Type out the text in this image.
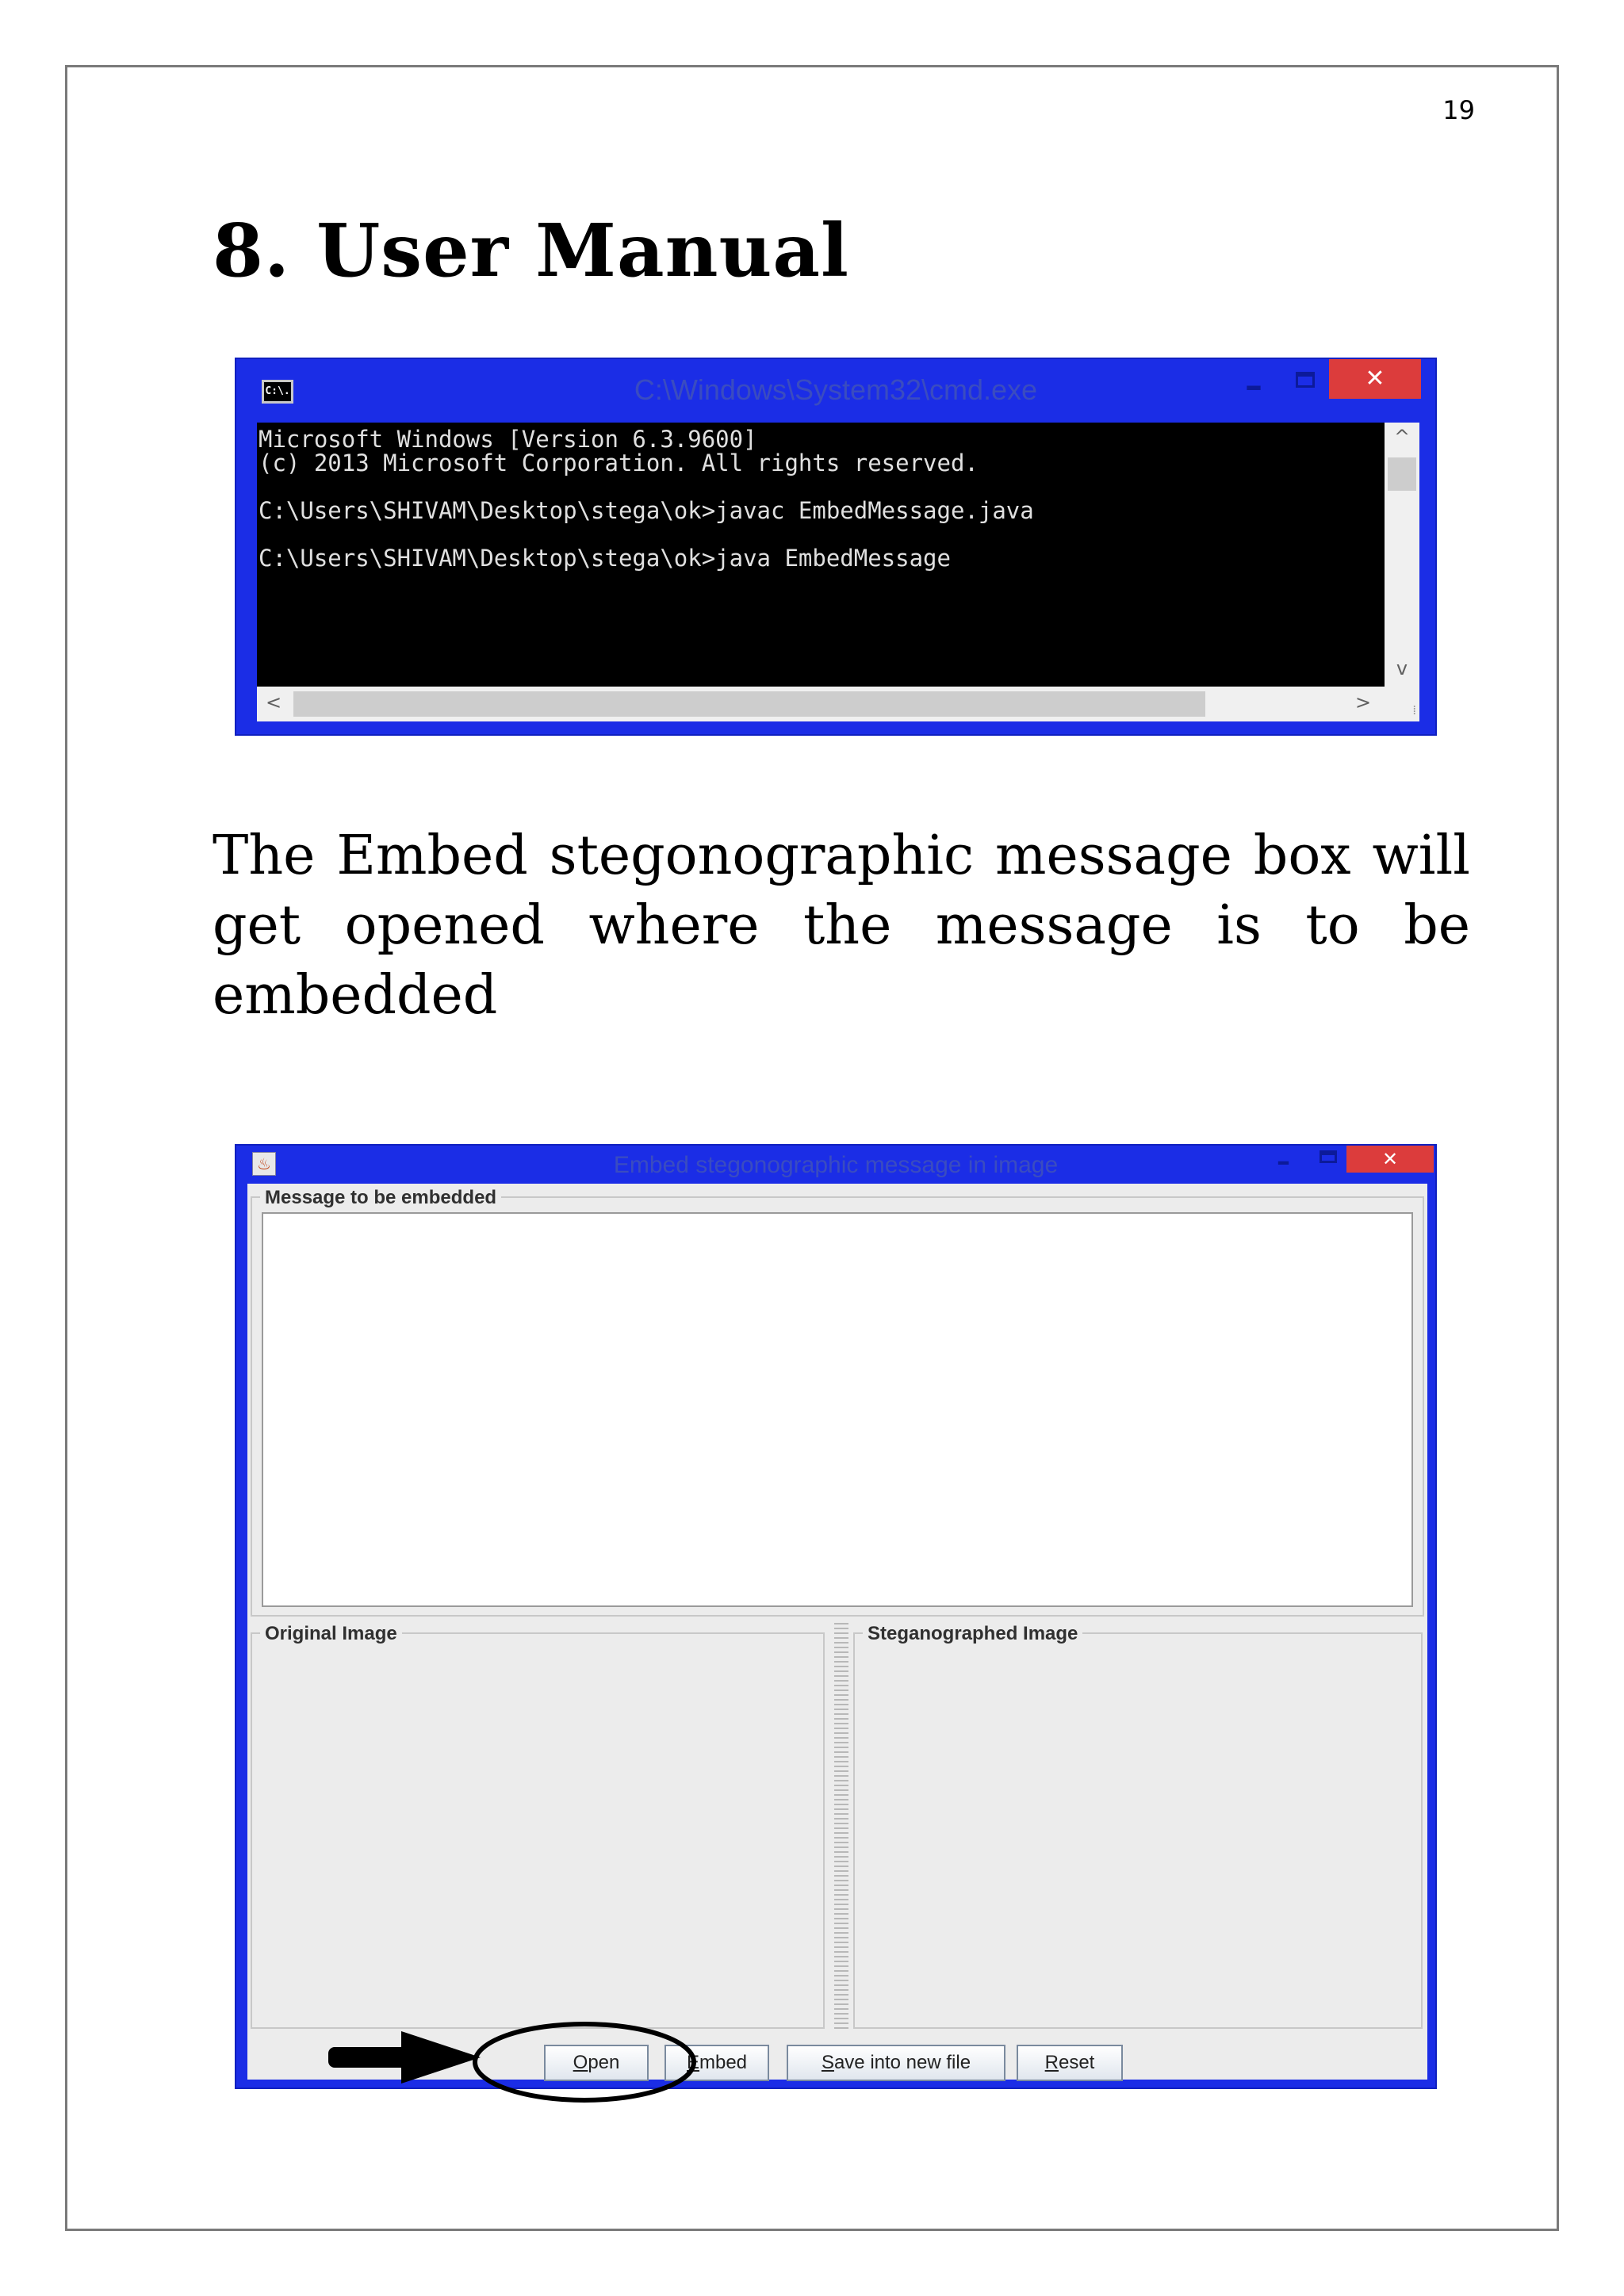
19
8. User Manual
C:\.	C:\Windows\System32\cmd.exe	–	✕
Microsoft Windows [Version 6.3.9600]
(c) 2013 Microsoft Corporation. All rights reserved.
C:\Users\SHIVAM\Desktop\stega\ok>javac EmbedMessage.java
C:\Users\SHIVAM\Desktop\stega\ok>java EmbedMessage
^
v
<	>	⁞

The Embed stegonographic message box will get opened where the message is to be embedded

♨	Embed stegonographic message in image	–	✕
Message to be embedded
Original Image	Steganographed Image
Open	Embed	Save into new file	Reset
